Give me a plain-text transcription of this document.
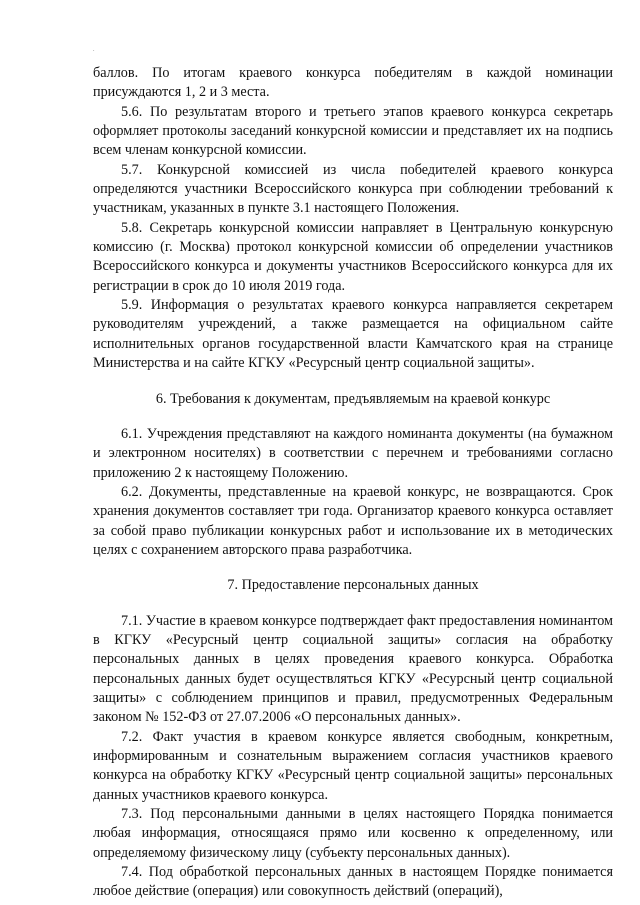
.

баллов. По итогам краевого конкурса победителям в каждой номинации присуждаются 1, 2 и 3 места.

5.6. По результатам второго и третьего этапов краевого конкурса секретарь оформляет протоколы заседаний конкурсной комиссии и представляет их на подпись всем членам конкурсной комиссии.

5.7. Конкурсной комиссией из числа победителей краевого конкурса определяются участники Всероссийского конкурса при соблюдении требований к участникам, указанных в пункте 3.1 настоящего Положения.

5.8. Секретарь конкурсной комиссии направляет в Центральную конкурсную комиссию (г. Москва) протокол конкурсной комиссии об определении участников Всероссийского конкурса и документы участников Всероссийского конкурса для их регистрации в срок до 10 июля 2019 года.

5.9. Информация о результатах краевого конкурса направляется секретарем руководителям учреждений, а также размещается на официальном сайте исполнительных органов государственной власти Камчатского края на странице Министерства и на сайте КГКУ «Ресурсный центр социальной защиты».

6. Требования к документам, предъявляемым на краевой конкурс

6.1. Учреждения представляют на каждого номинанта документы (на бумажном и электронном носителях) в соответствии с перечнем и требованиями согласно приложению 2 к настоящему Положению.

6.2. Документы, представленные на краевой конкурс, не возвращаются. Срок хранения документов составляет три года. Организатор краевого конкурса оставляет за собой право публикации конкурсных работ и использование их в методических целях с сохранением авторского права разработчика.

7. Предоставление персональных данных

7.1. Участие в краевом конкурсе подтверждает факт предоставления номинантом в КГКУ «Ресурсный центр социальной защиты» согласия на обработку персональных данных в целях проведения краевого конкурса. Обработка персональных данных будет осуществляться КГКУ «Ресурсный центр социальной защиты» с соблюдением принципов и правил, предусмотренных Федеральным законом № 152-ФЗ от 27.07.2006 «О персональных данных».

7.2. Факт участия в краевом конкурсе является свободным, конкретным, информированным и сознательным выражением согласия участников краевого конкурса на обработку КГКУ «Ресурсный центр социальной защиты» персональных данных участников краевого конкурса.

7.3. Под персональными данными в целях настоящего Порядка понимается любая информация, относящаяся прямо или косвенно к определенному, или определяемому физическому лицу (субъекту персональных данных).

7.4. Под обработкой персональных данных в настоящем Порядке понимается любое действие (операция) или совокупность действий (операций),
